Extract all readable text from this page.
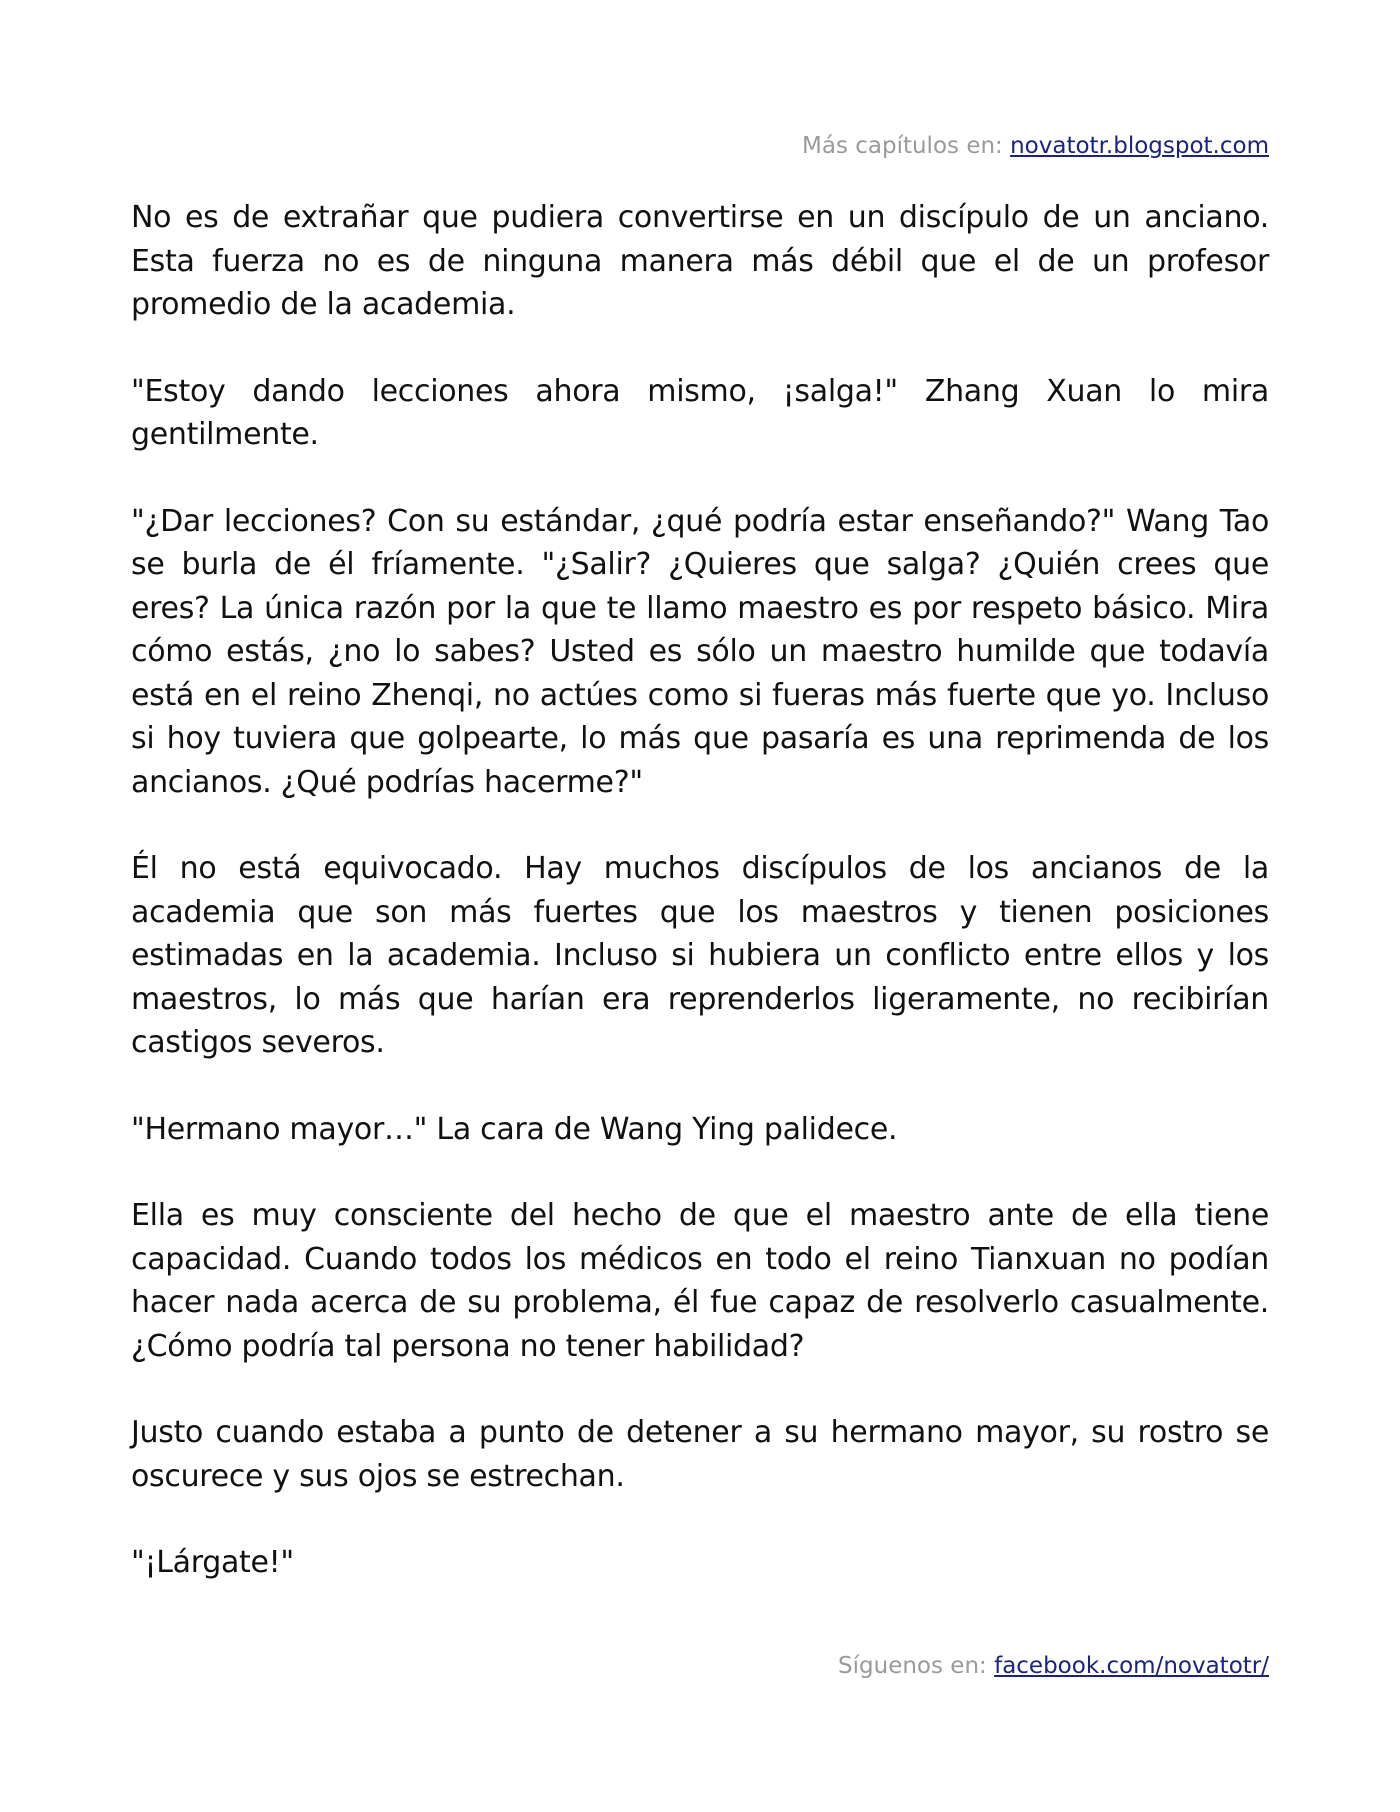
Más capítulos en: novatotr.blogspot.com

No es de extrañar que pudiera convertirse en un discípulo de un anciano. Esta fuerza no es de ninguna manera más débil que el de un profesor promedio de la academia.

"Estoy dando lecciones ahora mismo, ¡salga!" Zhang Xuan lo mira gentilmente.

"¿Dar lecciones? Con su estándar, ¿qué podría estar enseñando?" Wang Tao se burla de él fríamente. "¿Salir? ¿Quieres que salga? ¿Quién crees que eres? La única razón por la que te llamo maestro es por respeto básico. Mira cómo estás, ¿no lo sabes? Usted es sólo un maestro humilde que todavía está en el reino Zhenqi, no actúes como si fueras más fuerte que yo. Incluso si hoy tuviera que golpearte, lo más que pasaría es una reprimenda de los ancianos. ¿Qué podrías hacerme?"

Él no está equivocado. Hay muchos discípulos de los ancianos de la academia que son más fuertes que los maestros y tienen posiciones estimadas en la academia. Incluso si hubiera un conflicto entre ellos y los maestros, lo más que harían era reprenderlos ligeramente, no recibirían castigos severos.

"Hermano mayor…" La cara de Wang Ying palidece.

Ella es muy consciente del hecho de que el maestro ante de ella tiene capacidad. Cuando todos los médicos en todo el reino Tianxuan no podían hacer nada acerca de su problema, él fue capaz de resolverlo casualmente. ¿Cómo podría tal persona no tener habilidad?

Justo cuando estaba a punto de detener a su hermano mayor, su rostro se oscurece y sus ojos se estrechan.

"¡Lárgate!"

Síguenos en: facebook.com/novatotr/
